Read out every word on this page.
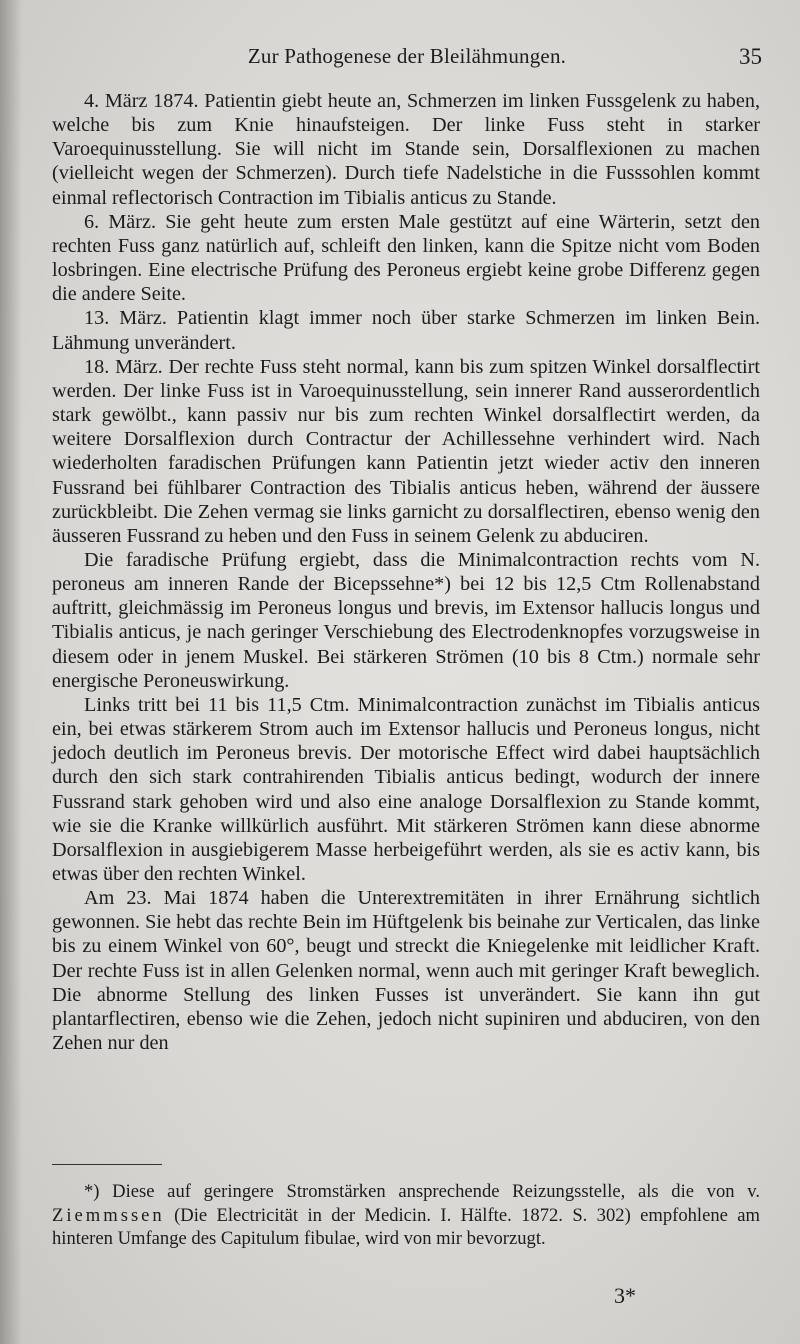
Zur Pathogenese der Bleilähmungen.	35

4. März 1874. Patientin giebt heute an, Schmerzen im linken Fussgelenk zu haben, welche bis zum Knie hinaufsteigen. Der linke Fuss steht in starker Varoequinusstellung. Sie will nicht im Stande sein, Dorsalflexionen zu machen (vielleicht wegen der Schmerzen). Durch tiefe Nadelstiche in die Fusssohlen kommt einmal reflectorisch Contraction im Tibialis anticus zu Stande.

6. März. Sie geht heute zum ersten Male gestützt auf eine Wärterin, setzt den rechten Fuss ganz natürlich auf, schleift den linken, kann die Spitze nicht vom Boden losbringen. Eine electrische Prüfung des Peroneus ergiebt keine grobe Differenz gegen die andere Seite.

13. März. Patientin klagt immer noch über starke Schmerzen im linken Bein. Lähmung unverändert.

18. März. Der rechte Fuss steht normal, kann bis zum spitzen Winkel dorsalflectirt werden. Der linke Fuss ist in Varoequinusstellung, sein innerer Rand ausserordentlich stark gewölbt., kann passiv nur bis zum rechten Winkel dorsalflectirt werden, da weitere Dorsalflexion durch Contractur der Achillessehne verhindert wird. Nach wiederholten faradischen Prüfungen kann Patientin jetzt wieder activ den inneren Fussrand bei fühlbarer Contraction des Tibialis anticus heben, während der äussere zurückbleibt. Die Zehen vermag sie links garnicht zu dorsalflectiren, ebenso wenig den äusseren Fussrand zu heben und den Fuss in seinem Gelenk zu abduciren.

Die faradische Prüfung ergiebt, dass die Minimalcontraction rechts vom N. peroneus am inneren Rande der Bicepssehne*) bei 12 bis 12,5 Ctm Rollenabstand auftritt, gleichmässig im Peroneus longus und brevis, im Extensor hallucis longus und Tibialis anticus, je nach geringer Verschiebung des Electrodenknopfes vorzugsweise in diesem oder in jenem Muskel. Bei stärkeren Strömen (10 bis 8 Ctm.) normale sehr energische Peroneuswirkung.

Links tritt bei 11 bis 11,5 Ctm. Minimalcontraction zunächst im Tibialis anticus ein, bei etwas stärkerem Strom auch im Extensor hallucis und Peroneus longus, nicht jedoch deutlich im Peroneus brevis. Der motorische Effect wird dabei hauptsächlich durch den sich stark contrahirenden Tibialis anticus bedingt, wodurch der innere Fussrand stark gehoben wird und also eine analoge Dorsalflexion zu Stande kommt, wie sie die Kranke willkürlich ausführt. Mit stärkeren Strömen kann diese abnorme Dorsalflexion in ausgiebigerem Masse herbeigeführt werden, als sie es activ kann, bis etwas über den rechten Winkel.

Am 23. Mai 1874 haben die Unterextremitäten in ihrer Ernährung sichtlich gewonnen. Sie hebt das rechte Bein im Hüftgelenk bis beinahe zur Verticalen, das linke bis zu einem Winkel von 60°, beugt und streckt die Kniegelenke mit leidlicher Kraft. Der rechte Fuss ist in allen Gelenken normal, wenn auch mit geringer Kraft beweglich. Die abnorme Stellung des linken Fusses ist unverändert. Sie kann ihn gut plantarflectiren, ebenso wie die Zehen, jedoch nicht supiniren und abduciren, von den Zehen nur den

*) Diese auf geringere Stromstärken ansprechende Reizungsstelle, als die von v. Ziemmssen (Die Electricität in der Medicin. I. Hälfte. 1872. S. 302) empfohlene am hinteren Umfange des Capitulum fibulae, wird von mir bevorzugt.

3*
